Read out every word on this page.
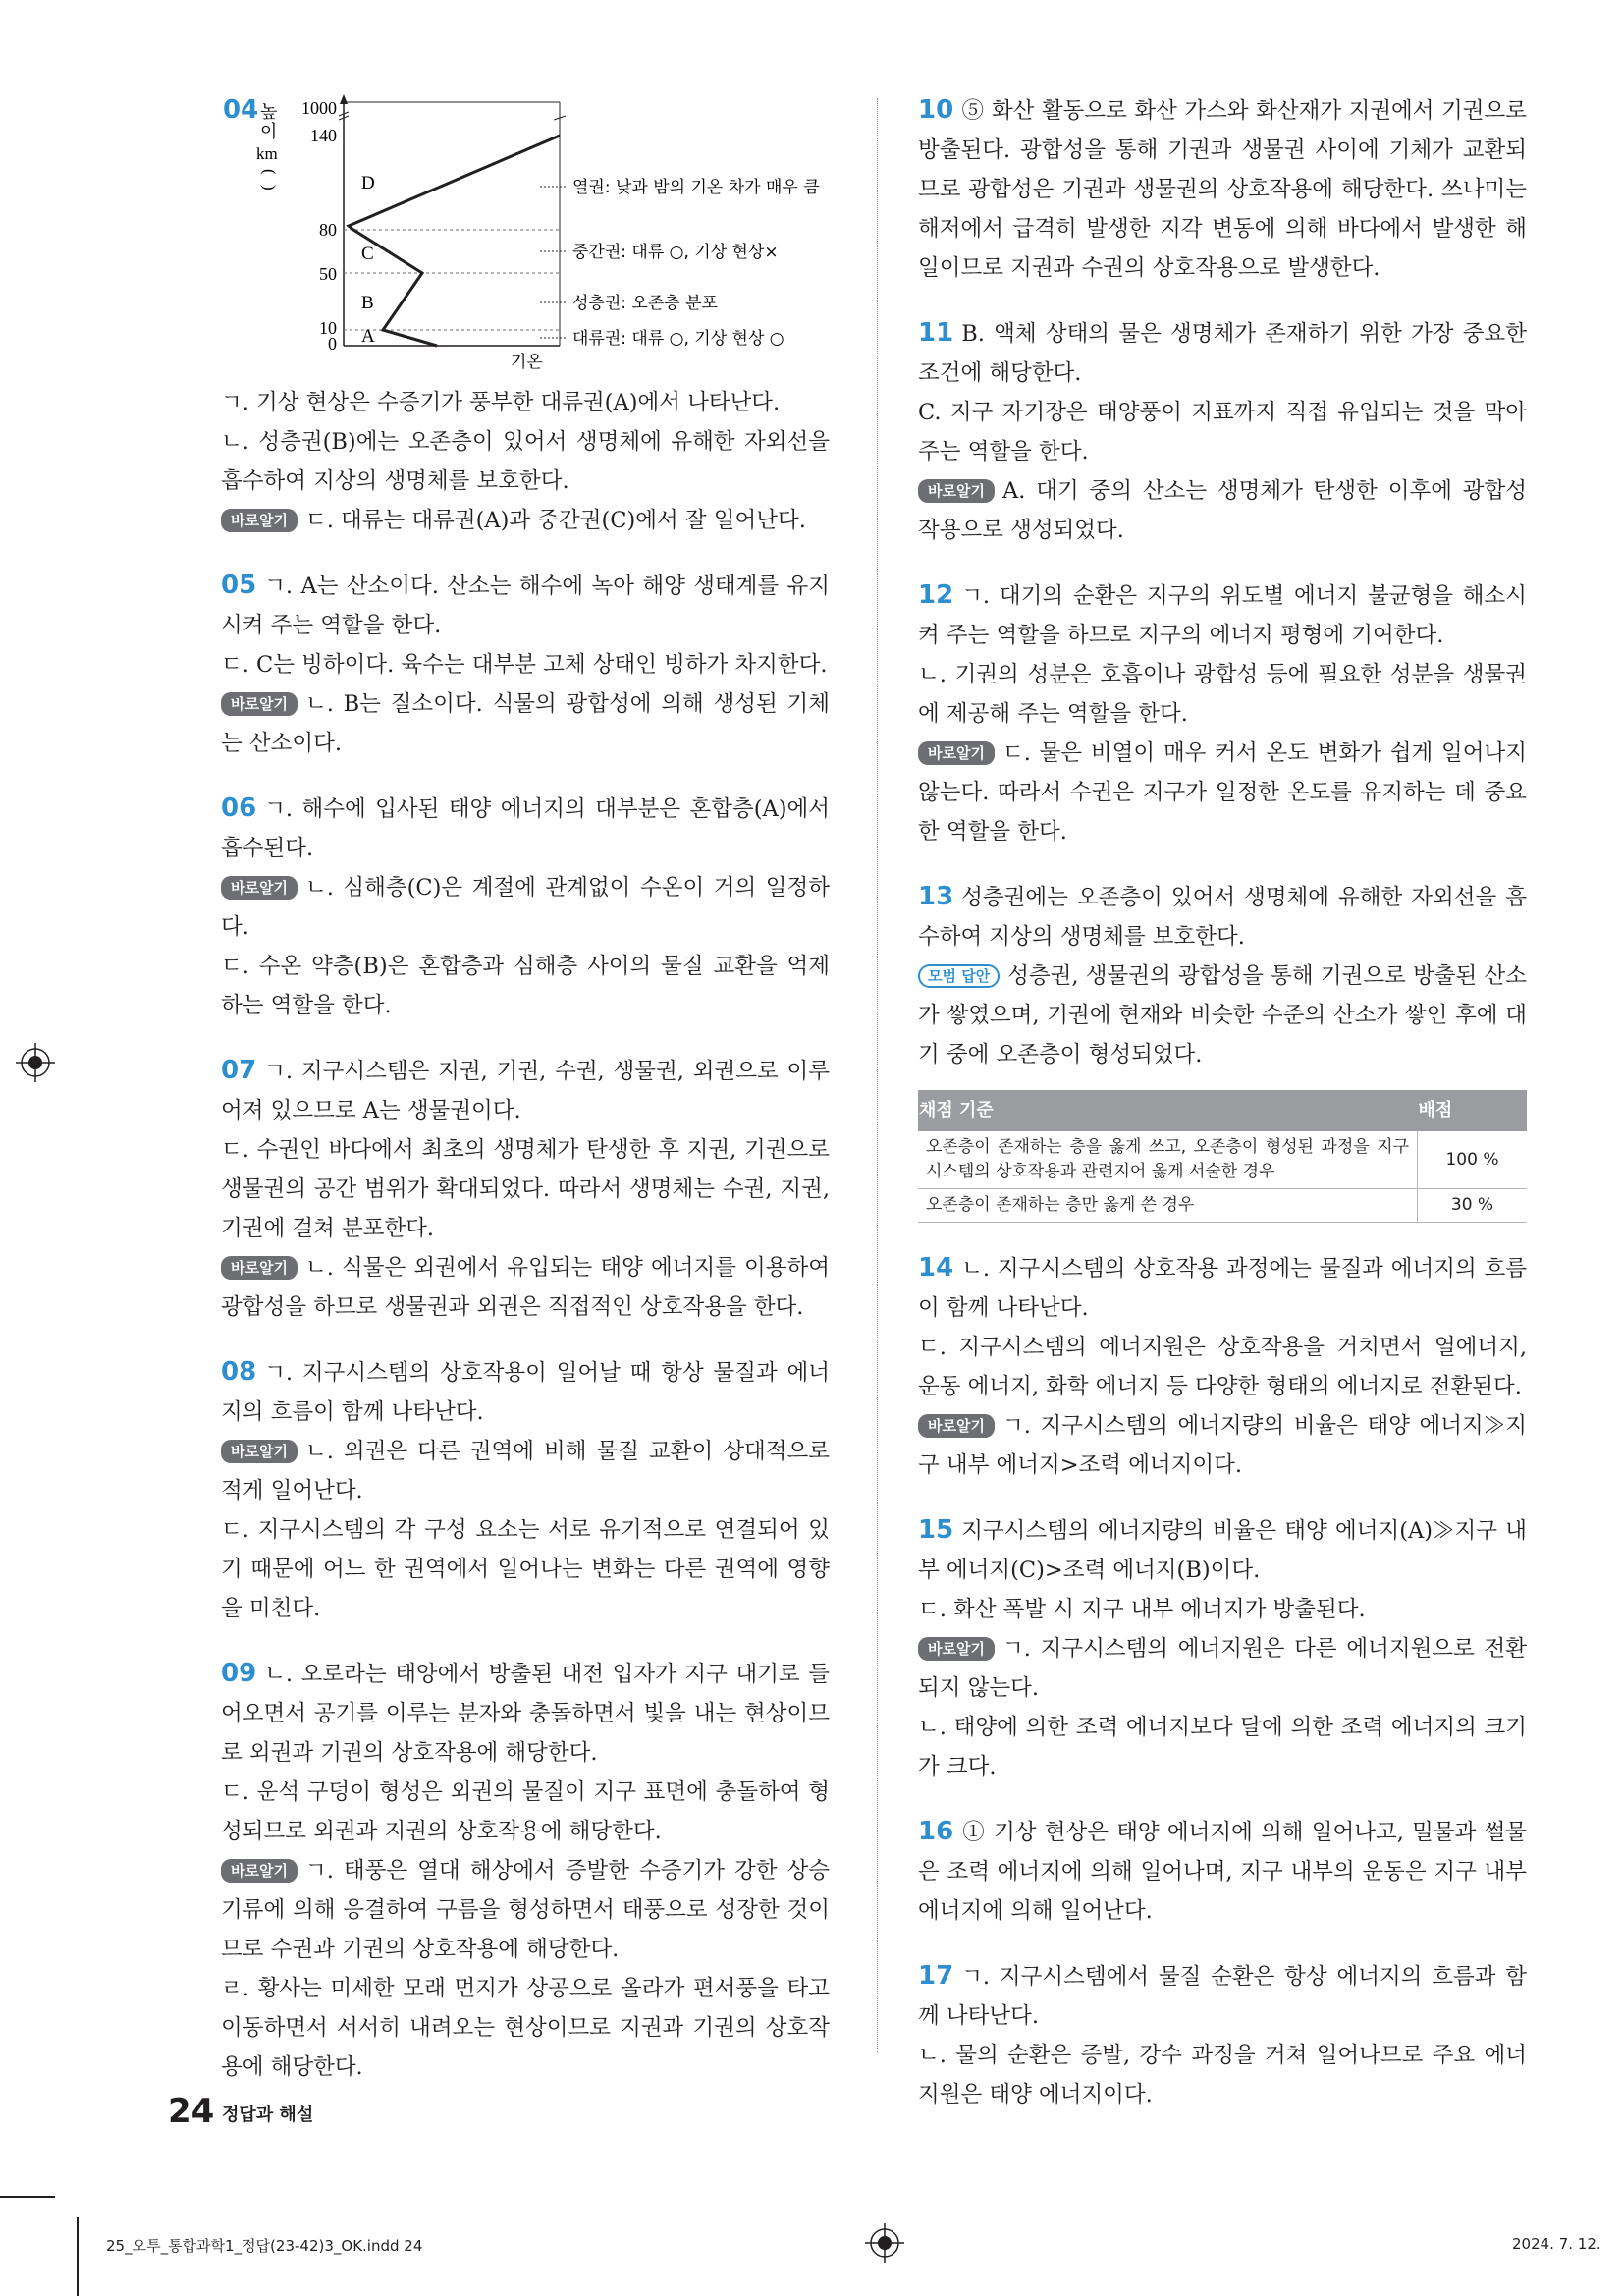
04 높
이
km
(
)
1000
140
80
50
10
0
D
C
B
A
기온
열권: 낮과 밤의 기온 차가 매우 큼
중간권: 대류 ○, 기상 현상×
성층권: 오존층 분포
대류권: 대류 ○, 기상 현상 ○

ㄱ. 기상 현상은 수증기가 풍부한 대류권(A)에서 나타난다.

ㄴ. 성층권(B)에는 오존층이 있어서 생명체에 유해한 자외선을 흡수하여 지상의 생명체를 보호한다.

바로알기 ㄷ. 대류는 대류권(A)과 중간권(C)에서 잘 일어난다.

05 ㄱ. A는 산소이다. 산소는 해수에 녹아 해양 생태계를 유지시켜 주는 역할을 한다.

ㄷ. C는 빙하이다. 육수는 대부분 고체 상태인 빙하가 차지한다.

바로알기 ㄴ. B는 질소이다. 식물의 광합성에 의해 생성된 기체는 산소이다.

06 ㄱ. 해수에 입사된 태양 에너지의 대부분은 혼합층(A)에서 흡수된다.

바로알기 ㄴ. 심해층(C)은 계절에 관계없이 수온이 거의 일정하다.

ㄷ. 수온 약층(B)은 혼합층과 심해층 사이의 물질 교환을 억제하는 역할을 한다.

07 ㄱ. 지구시스템은 지권, 기권, 수권, 생물권, 외권으로 이루어져 있으므로 A는 생물권이다.

ㄷ. 수권인 바다에서 최초의 생명체가 탄생한 후 지권, 기권으로 생물권의 공간 범위가 확대되었다. 따라서 생명체는 수권, 지권, 기권에 걸쳐 분포한다.

바로알기 ㄴ. 식물은 외권에서 유입되는 태양 에너지를 이용하여 광합성을 하므로 생물권과 외권은 직접적인 상호작용을 한다.

08 ㄱ. 지구시스템의 상호작용이 일어날 때 항상 물질과 에너지의 흐름이 함께 나타난다.

바로알기 ㄴ. 외권은 다른 권역에 비해 물질 교환이 상대적으로 적게 일어난다.

ㄷ. 지구시스템의 각 구성 요소는 서로 유기적으로 연결되어 있기 때문에 어느 한 권역에서 일어나는 변화는 다른 권역에 영향을 미친다.

09 ㄴ. 오로라는 태양에서 방출된 대전 입자가 지구 대기로 들어오면서 공기를 이루는 분자와 충돌하면서 빛을 내는 현상이므로 외권과 기권의 상호작용에 해당한다.

ㄷ. 운석 구덩이 형성은 외권의 물질이 지구 표면에 충돌하여 형성되므로 외권과 지권의 상호작용에 해당한다.

바로알기 ㄱ. 태풍은 열대 해상에서 증발한 수증기가 강한 상승 기류에 의해 응결하여 구름을 형성하면서 태풍으로 성장한 것이므로 수권과 기권의 상호작용에 해당한다.

ㄹ. 황사는 미세한 모래 먼지가 상공으로 올라가 편서풍을 타고 이동하면서 서서히 내려오는 현상이므로 지권과 기권의 상호작용에 해당한다.

10 ⑤ 화산 활동으로 화산 가스와 화산재가 지권에서 기권으로 방출된다. 광합성을 통해 기권과 생물권 사이에 기체가 교환되므로 광합성은 기권과 생물권의 상호작용에 해당한다. 쓰나미는 해저에서 급격히 발생한 지각 변동에 의해 바다에서 발생한 해일이므로 지권과 수권의 상호작용으로 발생한다.

11 B. 액체 상태의 물은 생명체가 존재하기 위한 가장 중요한 조건에 해당한다.

C. 지구 자기장은 태양풍이 지표까지 직접 유입되는 것을 막아 주는 역할을 한다.

바로알기 A. 대기 중의 산소는 생명체가 탄생한 이후에 광합성 작용으로 생성되었다.

12 ㄱ. 대기의 순환은 지구의 위도별 에너지 불균형을 해소시켜 주는 역할을 하므로 지구의 에너지 평형에 기여한다.

ㄴ. 기권의 성분은 호흡이나 광합성 등에 필요한 성분을 생물권에 제공해 주는 역할을 한다.

바로알기 ㄷ. 물은 비열이 매우 커서 온도 변화가 쉽게 일어나지 않는다. 따라서 수권은 지구가 일정한 온도를 유지하는 데 중요한 역할을 한다.

13 성층권에는 오존층이 있어서 생명체에 유해한 자외선을 흡수하여 지상의 생명체를 보호한다.

모범 답안 성층권, 생물권의 광합성을 통해 기권으로 방출된 산소가 쌓였으며, 기권에 현재와 비슷한 수준의 산소가 쌓인 후에 대기 중에 오존층이 형성되었다.

채점 기준	배점
오존층이 존재하는 층을 옳게 쓰고, 오존층이 형성된 과정을 지구시스템의 상호작용과 관련지어 옳게 서술한 경우	100 %
오존층이 존재하는 층만 옳게 쓴 경우	30 %

14 ㄴ. 지구시스템의 상호작용 과정에는 물질과 에너지의 흐름이 함께 나타난다.

ㄷ. 지구시스템의 에너지원은 상호작용을 거치면서 열에너지, 운동 에너지, 화학 에너지 등 다양한 형태의 에너지로 전환된다.

바로알기 ㄱ. 지구시스템의 에너지량의 비율은 태양 에너지≫지구 내부 에너지>조력 에너지이다.

15 지구시스템의 에너지량의 비율은 태양 에너지(A)≫지구 내부 에너지(C)>조력 에너지(B)이다.

ㄷ. 화산 폭발 시 지구 내부 에너지가 방출된다.

바로알기 ㄱ. 지구시스템의 에너지원은 다른 에너지원으로 전환되지 않는다.

ㄴ. 태양에 의한 조력 에너지보다 달에 의한 조력 에너지의 크기가 크다.

16 ① 기상 현상은 태양 에너지에 의해 일어나고, 밀물과 썰물은 조력 에너지에 의해 일어나며, 지구 내부의 운동은 지구 내부 에너지에 의해 일어난다.

17 ㄱ. 지구시스템에서 물질 순환은 항상 에너지의 흐름과 함께 나타난다.

ㄴ. 물의 순환은 증발, 강수 과정을 거쳐 일어나므로 주요 에너지원은 태양 에너지이다.

24 정답과 해설
25_오투_통합과학1_정답(23-42)3_OK.indd 24	2024. 7. 12.
